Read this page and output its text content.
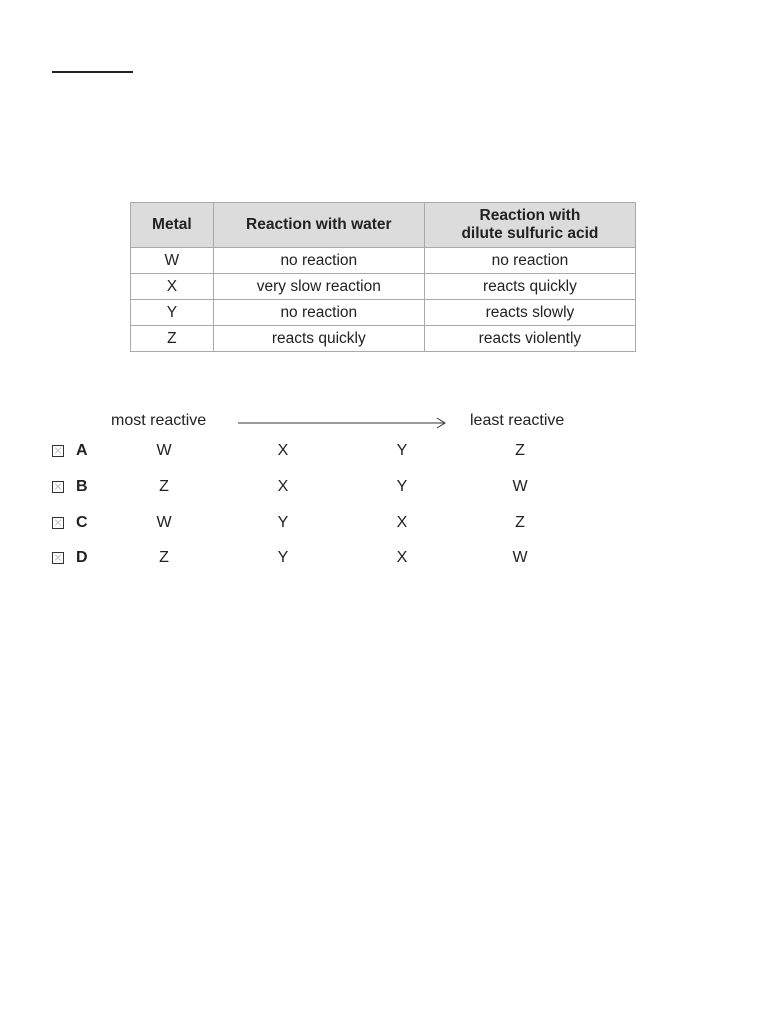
Metal	Reaction with water	Reaction with
dilute sulfuric acid
W	no reaction	no reaction
X	very slow reaction	reacts quickly
Y	no reaction	reacts slowly
Z	reacts quickly	reacts violently
most reactive	least reactive
A	W	X	Y	Z
B	Z	X	Y	W
C	W	Y	X	Z
D	Z	Y	X	W
